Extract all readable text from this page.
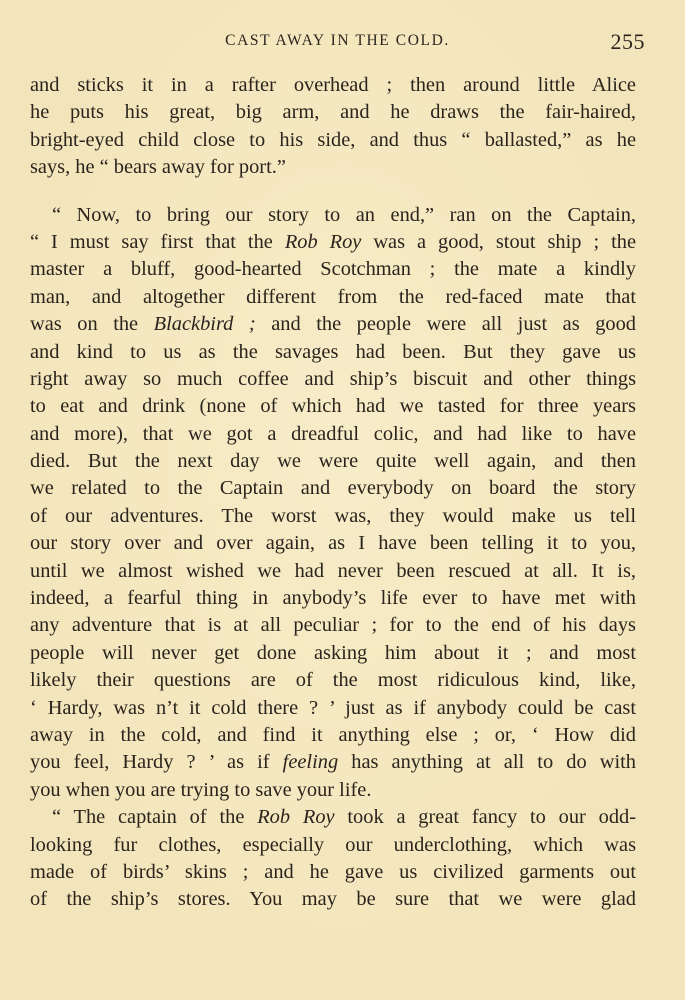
CAST AWAY IN THE COLD.	255
and sticks it in a rafter overhead ; then around little Alice
he puts his great, big arm, and he draws the fair-haired,
bright-eyed child close to his side, and thus “ ballasted,” as he
says, he “ bears away for port.”
“ Now, to bring our story to an end,” ran on the Captain,
“ I must say first that the Rob Roy was a good, stout ship ; the
master a bluff, good-hearted Scotchman ; the mate a kindly
man, and altogether different from the red-faced mate that
was on the Blackbird ; and the people were all just as good
and kind to us as the savages had been. But they gave us
right away so much coffee and ship’s biscuit and other things
to eat and drink (none of which had we tasted for three years
and more), that we got a dreadful colic, and had like to have
died. But the next day we were quite well again, and then
we related to the Captain and everybody on board the story
of our adventures. The worst was, they would make us tell
our story over and over again, as I have been telling it to you,
until we almost wished we had never been rescued at all. It is,
indeed, a fearful thing in anybody’s life ever to have met with
any adventure that is at all peculiar ; for to the end of his days
people will never get done asking him about it ; and most
likely their questions are of the most ridiculous kind, like,
‘ Hardy, was n’t it cold there ? ’ just as if anybody could be cast
away in the cold, and find it anything else ; or, ‘ How did
you feel, Hardy ? ’ as if feeling has anything at all to do with
you when you are trying to save your life.
“ The captain of the Rob Roy took a great fancy to our odd-
looking fur clothes, especially our underclothing, which was
made of birds’ skins ; and he gave us civilized garments out
of the ship’s stores. You may be sure that we were glad
